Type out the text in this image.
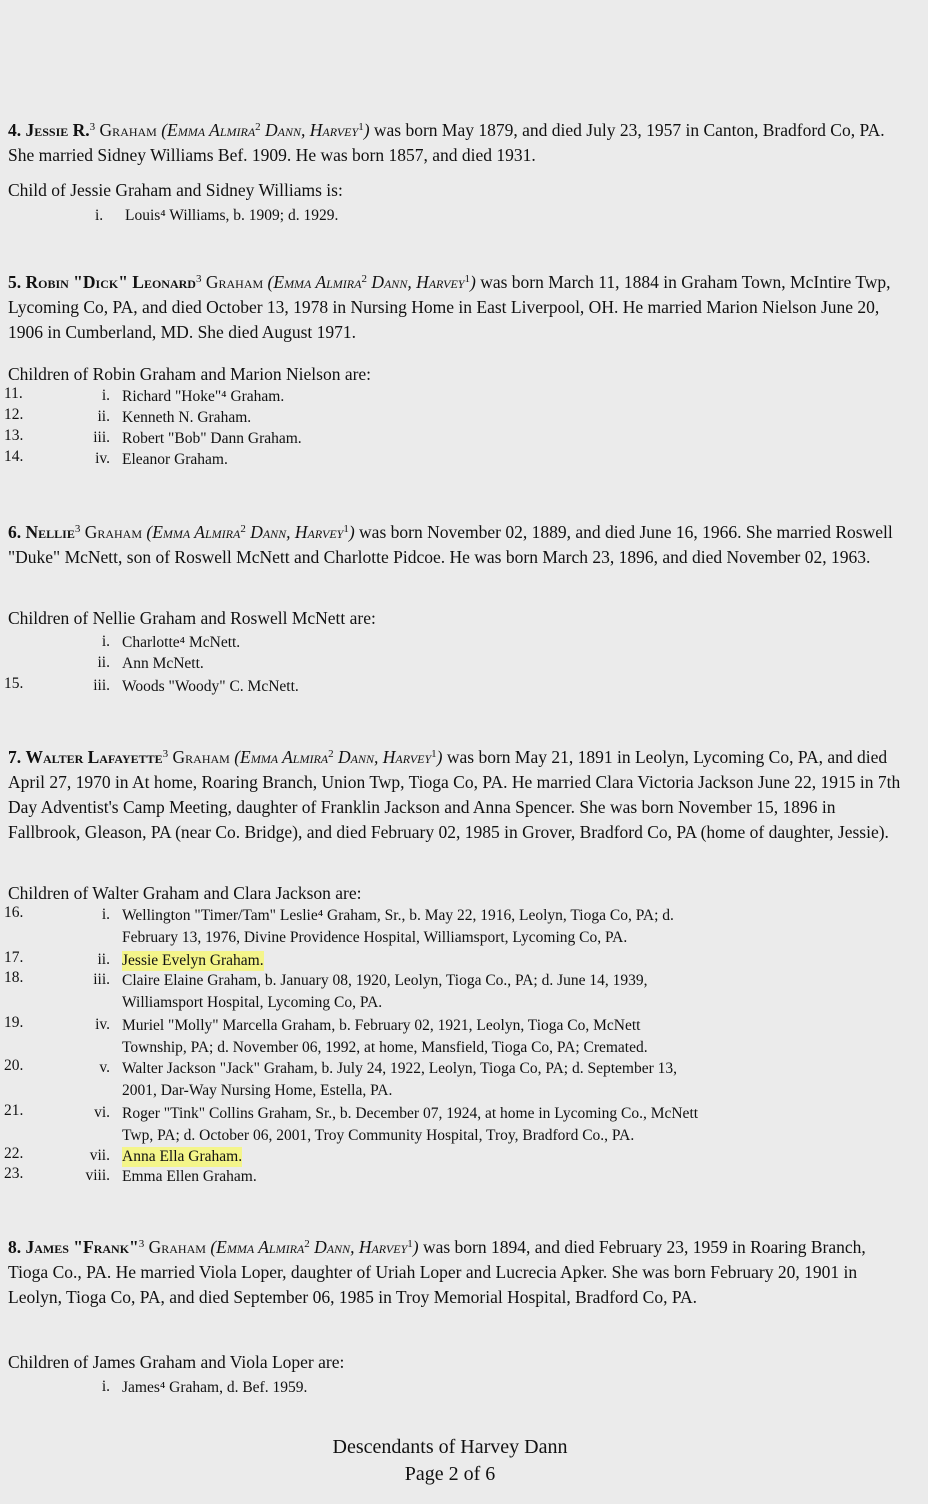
4. Jessie R.$^3$ Graham (Emma Almira$^2$ Dann, Harvey$^1$) was born May 1879, and died July 23, 1957 in Canton, Bradford Co, PA. She married Sidney Williams Bef. 1909. He was born 1857, and died 1931.

Child of Jessie Graham and Sidney Williams is:

i. Louis⁴ Williams, b. 1909; d. 1929.

5. Robin "Dick" Leonard$^3$ Graham (Emma Almira$^2$ Dann, Harvey$^1$) was born March 11, 1884 in Graham Town, McIntire Twp, Lycoming Co, PA, and died October 13, 1978 in Nursing Home in East Liverpool, OH. He married Marion Nielson June 20, 1906 in Cumberland, MD. She died August 1971.

Children of Robin Graham and Marion Nielson are:

11.	i. Richard "Hoke"⁴ Graham.
12.	ii. Kenneth N. Graham.
13.	iii. Robert "Bob" Dann Graham.
14.	iv. Eleanor Graham.

6. Nellie$^3$ Graham (Emma Almira$^2$ Dann, Harvey$^1$) was born November 02, 1889, and died June 16, 1966. She married Roswell "Duke" McNett, son of Roswell McNett and Charlotte Pidcoe. He was born March 23, 1896, and died November 02, 1963.

Children of Nellie Graham and Roswell McNett are:

i. Charlotte⁴ McNett.
ii. Ann McNett.
15.	iii. Woods "Woody" C. McNett.

7. Walter Lafayette$^3$ Graham (Emma Almira$^2$ Dann, Harvey$^1$) was born May 21, 1891 in Leolyn, Lycoming Co, PA, and died April 27, 1970 in At home, Roaring Branch, Union Twp, Tioga Co, PA. He married Clara Victoria Jackson June 22, 1915 in 7th Day Adventist's Camp Meeting, daughter of Franklin Jackson and Anna Spencer. She was born November 15, 1896 in Fallbrook, Gleason, PA (near Co. Bridge), and died February 02, 1985 in Grover, Bradford Co, PA (home of daughter, Jessie).

Children of Walter Graham and Clara Jackson are:

16.	i. Wellington "Timer/Tam" Leslie⁴ Graham, Sr., b. May 22, 1916, Leolyn, Tioga Co, PA; d.
February 13, 1976, Divine Providence Hospital, Williamsport, Lycoming Co, PA.
17.	ii. Jessie Evelyn Graham.
18.	iii. Claire Elaine Graham, b. January 08, 1920, Leolyn, Tioga Co., PA; d. June 14, 1939,
Williamsport Hospital, Lycoming Co, PA.
19.	iv. Muriel "Molly" Marcella Graham, b. February 02, 1921, Leolyn, Tioga Co, McNett
Township, PA; d. November 06, 1992, at home, Mansfield, Tioga Co, PA; Cremated.
20.	v. Walter Jackson "Jack" Graham, b. July 24, 1922, Leolyn, Tioga Co, PA; d. September 13,
2001, Dar-Way Nursing Home, Estella, PA.
21.	vi. Roger "Tink" Collins Graham, Sr., b. December 07, 1924, at home in Lycoming Co., McNett
Twp, PA; d. October 06, 2001, Troy Community Hospital, Troy, Bradford Co., PA.
22.	vii. Anna Ella Graham.
23.	viii. Emma Ellen Graham.

8. James "Frank"$^3$ Graham (Emma Almira$^2$ Dann, Harvey$^1$) was born 1894, and died February 23, 1959 in Roaring Branch, Tioga Co., PA. He married Viola Loper, daughter of Uriah Loper and Lucrecia Apker. She was born February 20, 1901 in Leolyn, Tioga Co, PA, and died September 06, 1985 in Troy Memorial Hospital, Bradford Co, PA.

Children of James Graham and Viola Loper are:

i. James⁴ Graham, d. Bef. 1959.
Descendants of Harvey Dann
Page 2 of 6
